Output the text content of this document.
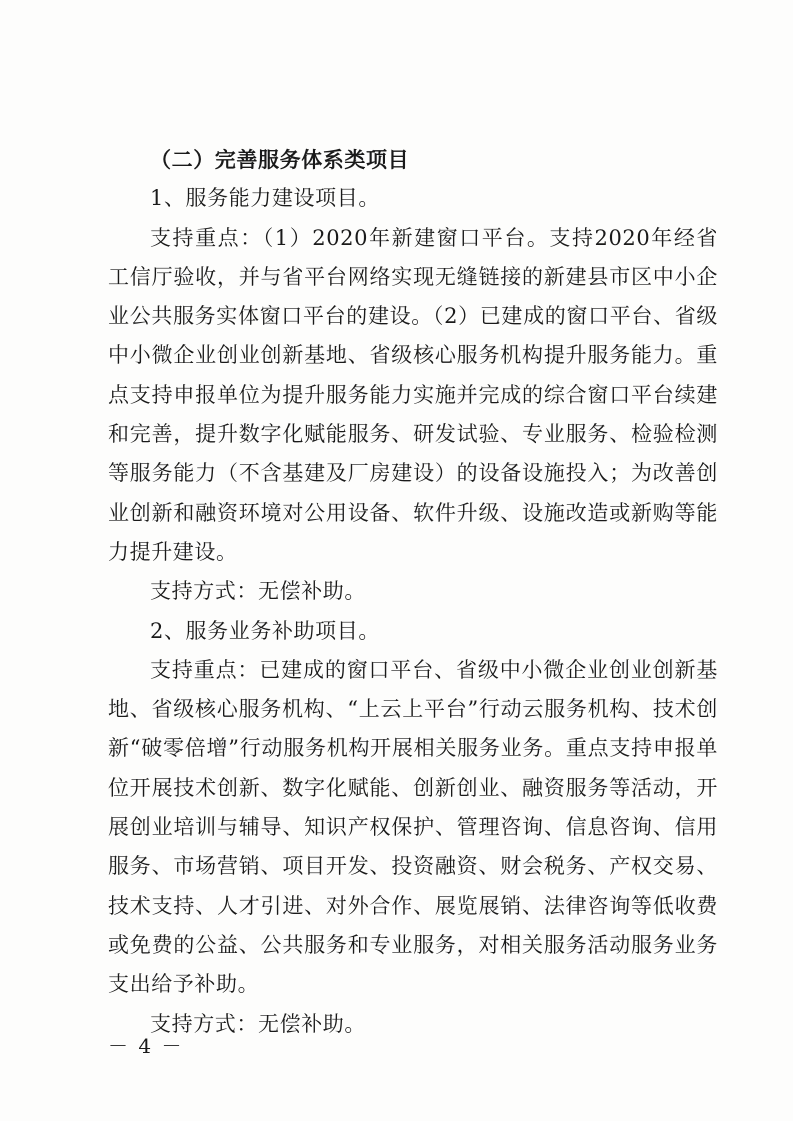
（二）完善服务体系类项目

1、服务能力建设项目。

支持重点：（1）2020年新建窗口平台。支持2020年经省工信厅验收，并与省平台网络实现无缝链接的新建县市区中小企业公共服务实体窗口平台的建设。（2）已建成的窗口平台、省级中小微企业创业创新基地、省级核心服务机构提升服务能力。重点支持申报单位为提升服务能力实施并完成的综合窗口平台续建和完善，提升数字化赋能服务、研发试验、专业服务、检验检测等服务能力（不含基建及厂房建设）的设备设施投入；为改善创业创新和融资环境对公用设备、软件升级、设施改造或新购等能力提升建设。

支持方式：无偿补助。

2、服务业务补助项目。

支持重点：已建成的窗口平台、省级中小微企业创业创新基地、省级核心服务机构、“上云上平台”行动云服务机构、技术创新“破零倍增”行动服务机构开展相关服务业务。重点支持申报单位开展技术创新、数字化赋能、创新创业、融资服务等活动，开展创业培训与辅导、知识产权保护、管理咨询、信息咨询、信用服务、市场营销、项目开发、投资融资、财会税务、产权交易、技术支持、人才引进、对外合作、展览展销、法律咨询等低收费或免费的公益、公共服务和专业服务，对相关服务活动服务业务支出给予补助。

支持方式：无偿补助。

－ 4 －
